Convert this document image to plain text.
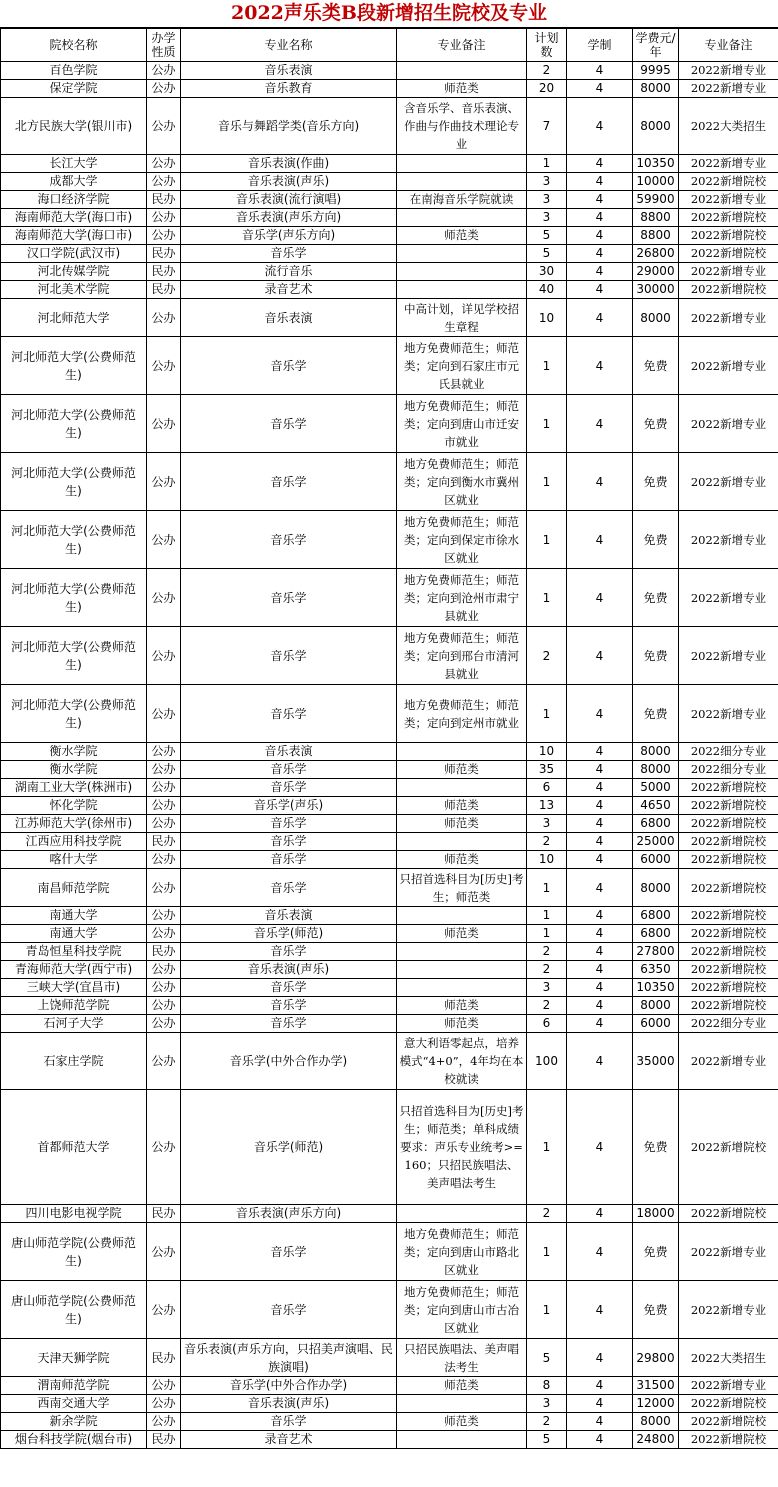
2022声乐类B段新增招生院校及专业
院校名称	办学性质	专业名称	专业备注	计划数	学制	学费元/年	专业备注
百色学院	公办	音乐表演		2	4	9995	2022新增专业
保定学院	公办	音乐教育	师范类	20	4	8000	2022新增专业
北方民族大学(银川市)	公办	音乐与舞蹈学类(音乐方向)	含音乐学、音乐表演、作曲与作曲技术理论专业	7	4	8000	2022大类招生
长江大学	公办	音乐表演(作曲)		1	4	10350	2022新增专业
成都大学	公办	音乐表演(声乐)		3	4	10000	2022新增院校
海口经济学院	民办	音乐表演(流行演唱)	在南海音乐学院就读	3	4	59900	2022新增专业
海南师范大学(海口市)	公办	音乐表演(声乐方向)		3	4	8800	2022新增院校
海南师范大学(海口市)	公办	音乐学(声乐方向)	师范类	5	4	8800	2022新增院校
汉口学院(武汉市)	民办	音乐学		5	4	26800	2022新增院校
河北传媒学院	民办	流行音乐		30	4	29000	2022新增专业
河北美术学院	民办	录音艺术		40	4	30000	2022新增院校
河北师范大学	公办	音乐表演	中高计划，详见学校招生章程	10	4	8000	2022新增专业
河北师范大学(公费师范生)	公办	音乐学	地方免费师范生；师范类；定向到石家庄市元氏县就业	1	4	免费	2022新增专业
河北师范大学(公费师范生)	公办	音乐学	地方免费师范生；师范类；定向到唐山市迁安市就业	1	4	免费	2022新增专业
河北师范大学(公费师范生)	公办	音乐学	地方免费师范生；师范类；定向到衡水市冀州区就业	1	4	免费	2022新增专业
河北师范大学(公费师范生)	公办	音乐学	地方免费师范生；师范类；定向到保定市徐水区就业	1	4	免费	2022新增专业
河北师范大学(公费师范生)	公办	音乐学	地方免费师范生；师范类；定向到沧州市肃宁县就业	1	4	免费	2022新增专业
河北师范大学(公费师范生)	公办	音乐学	地方免费师范生；师范类；定向到邢台市清河县就业	2	4	免费	2022新增专业
河北师范大学(公费师范生)	公办	音乐学	地方免费师范生；师范类；定向到定州市就业	1	4	免费	2022新增专业
衡水学院	公办	音乐表演		10	4	8000	2022细分专业
衡水学院	公办	音乐学	师范类	35	4	8000	2022细分专业
湖南工业大学(株洲市)	公办	音乐学		6	4	5000	2022新增院校
怀化学院	公办	音乐学(声乐)	师范类	13	4	4650	2022新增院校
江苏师范大学(徐州市)	公办	音乐学	师范类	3	4	6800	2022新增院校
江西应用科技学院	民办	音乐学		2	4	25000	2022新增院校
喀什大学	公办	音乐学	师范类	10	4	6000	2022新增院校
南昌师范学院	公办	音乐学	只招首选科目为[历史]考生；师范类	1	4	8000	2022新增院校
南通大学	公办	音乐表演		1	4	6800	2022新增院校
南通大学	公办	音乐学(师范)	师范类	1	4	6800	2022新增院校
青岛恒星科技学院	民办	音乐学		2	4	27800	2022新增院校
青海师范大学(西宁市)	公办	音乐表演(声乐)		2	4	6350	2022新增院校
三峡大学(宜昌市)	公办	音乐学		3	4	10350	2022新增院校
上饶师范学院	公办	音乐学	师范类	2	4	8000	2022新增院校
石河子大学	公办	音乐学	师范类	6	4	6000	2022细分专业
石家庄学院	公办	音乐学(中外合作办学)	意大利语零起点，培养模式“4+0”，4年均在本校就读	100	4	35000	2022新增专业
首都师范大学	公办	音乐学(师范)	只招首选科目为[历史]考生；师范类；单科成绩要求：声乐专业统考>=160；只招民族唱法、美声唱法考生	1	4	免费	2022新增院校
四川电影电视学院	民办	音乐表演(声乐方向)		2	4	18000	2022新增院校
唐山师范学院(公费师范生)	公办	音乐学	地方免费师范生；师范类；定向到唐山市路北区就业	1	4	免费	2022新增专业
唐山师范学院(公费师范生)	公办	音乐学	地方免费师范生；师范类；定向到唐山市古冶区就业	1	4	免费	2022新增专业
天津天狮学院	民办	音乐表演(声乐方向，只招美声演唱、民族演唱)	只招民族唱法、美声唱法考生	5	4	29800	2022大类招生
渭南师范学院	公办	音乐学(中外合作办学)	师范类	8	4	31500	2022新增专业
西南交通大学	公办	音乐表演(声乐)		3	4	12000	2022新增院校
新余学院	公办	音乐学	师范类	2	4	8000	2022新增院校
烟台科技学院(烟台市)	民办	录音艺术		5	4	24800	2022新增院校
